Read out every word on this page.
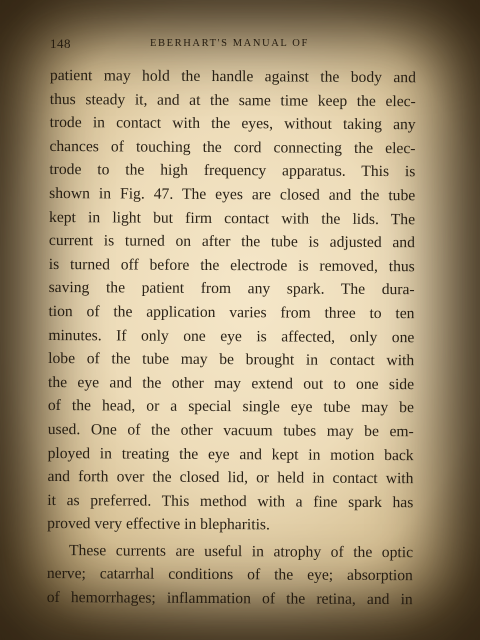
148	EBERHART'S MANUAL OF
patient may hold the handle against the body and
thus steady it, and at the same time keep the elec-
trode in contact with the eyes, without taking any
chances of touching the cord connecting the elec-
trode to the high frequency apparatus. This is
shown in Fig. 47. The eyes are closed and the tube
kept in light but firm contact with the lids. The
current is turned on after the tube is adjusted and
is turned off before the electrode is removed, thus
saving the patient from any spark. The dura-
tion of the application varies from three to ten
minutes. If only one eye is affected, only one
lobe of the tube may be brought in contact with
the eye and the other may extend out to one side
of the head, or a special single eye tube may be
used. One of the other vacuum tubes may be em-
ployed in treating the eye and kept in motion back
and forth over the closed lid, or held in contact with
it as preferred. This method with a fine spark has
proved very effective in blepharitis.
These currents are useful in atrophy of the optic
nerve; catarrhal conditions of the eye; absorption
of hemorrhages; inflammation of the retina, and in
